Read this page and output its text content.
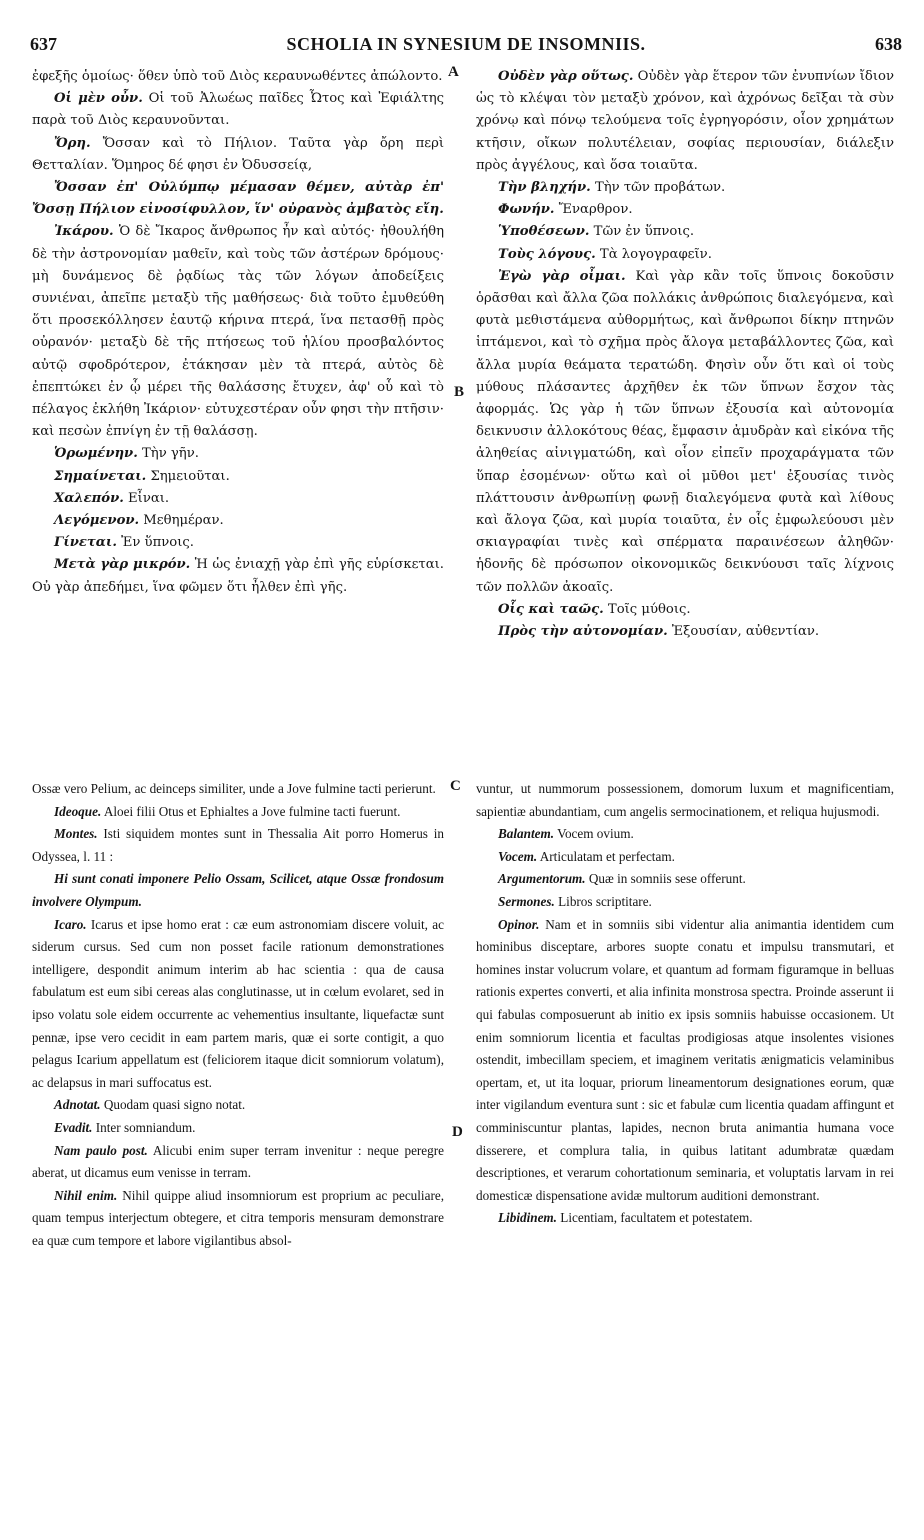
637	SCHOLIA IN SYNESIUM DE INSOMNIIS.	638
A
B
C
D

ἐφεξῆς ὁμοίως· ὅθεν ὑπὸ τοῦ Διὸς κεραυνωθέντες ἀπώλοντο.

Οἱ μὲν οὖν. Οἱ τοῦ Ἀλωέως παῖδες Ὦτος καὶ Ἐφιάλτης παρὰ τοῦ Διὸς κεραυνοῦνται.

Ὄρη. Ὄσσαν καὶ τὸ Πήλιον. Ταῦτα γὰρ ὄρη περὶ Θετταλίαν. Ὅμηρος δέ φησι ἐν Ὀδυσσείᾳ,

Ὄσσαν ἐπ' Οὐλύμπῳ μέμασαν θέμεν, αὐτὰρ ἐπ' Ὄσσῃ Πήλιον εἰνοσίφυλλον, ἵν' οὐρανὸς ἀμβατὸς εἴη.

Ἰκάρου. Ὁ δὲ Ἴκαρος ἄνθρωπος ἦν καὶ αὐτός· ἠθουλήθη δὲ τὴν ἀστρονομίαν μαθεῖν, καὶ τοὺς τῶν ἀστέρων δρόμους· μὴ δυνάμενος δὲ ῥᾳδίως τὰς τῶν λόγων ἀποδείξεις συνιέναι, ἀπεῖπε μεταξὺ τῆς μαθήσεως· διὰ τοῦτο ἐμυθεύθη ὅτι προσεκόλλησεν ἑαυτῷ κήρινα πτερά, ἵνα πετασθῇ πρὸς οὐρανόν· μεταξὺ δὲ τῆς πτήσεως τοῦ ἡλίου προσβαλόντος αὐτῷ σφοδρότερον, ἐτάκησαν μὲν τὰ πτερά, αὐτὸς δὲ ἐπεπτώκει ἐν ᾧ μέρει τῆς θαλάσσης ἔτυχεν, ἀφ' οὗ καὶ τὸ πέλαγος ἐκλήθη Ἰκάριον· εὐτυχεστέραν οὖν φησι τὴν πτῆσιν· καὶ πεσὼν ἐπνίγη ἐν τῇ θαλάσσῃ.

Ὁρωμένην. Τὴν γῆν.

Σημαίνεται. Σημειοῦται.

Χαλεπόν. Εἶναι.

Λεγόμενον. Μεθημέραν.

Γίνεται. Ἐν ὕπνοις.

Μετὰ γὰρ μικρόν. Ἡ ὡς ἐνιαχῇ γὰρ ἐπὶ γῆς εὑρίσκεται. Οὐ γὰρ ἀπεδήμει, ἵνα φῶμεν ὅτι ἦλθεν ἐπὶ γῆς.

Οὐδὲν γὰρ οὕτως. Οὐδὲν γὰρ ἕτερον τῶν ἐνυπνίων ἴδιον ὡς τὸ κλέψαι τὸν μεταξὺ χρόνον, καὶ ἀχρόνως δεῖξαι τὰ σὺν χρόνῳ καὶ πόνῳ τελούμενα τοῖς ἐγρηγορόσιν, οἷον χρημάτων κτῆσιν, οἴκων πολυτέλειαν, σοφίας περιουσίαν, διάλεξιν πρὸς ἀγγέλους, καὶ ὅσα τοιαῦτα.

Τὴν βληχήν. Τὴν τῶν προβάτων.

Φωνήν. Ἔναρθρον.

Ὑποθέσεων. Τῶν ἐν ὕπνοις.

Τοὺς λόγους. Τὰ λογογραφεῖν.

Ἐγὼ γὰρ οἶμαι. Καὶ γὰρ κἂν τοῖς ὕπνοις δοκοῦσιν ὁρᾶσθαι καὶ ἄλλα ζῶα πολλάκις ἀνθρώποις διαλεγόμενα, καὶ φυτὰ μεθιστάμενα αὐθορμήτως, καὶ ἄνθρωποι δίκην πτηνῶν ἱπτάμενοι, καὶ τὸ σχῆμα πρὸς ἄλογα μεταβάλλοντες ζῶα, καὶ ἄλλα μυρία θεάματα τερατώδη. Φησὶν οὖν ὅτι καὶ οἱ τοὺς μύθους πλάσαντες ἀρχῆθεν ἐκ τῶν ὕπνων ἔσχον τὰς ἀφορμάς. Ὡς γὰρ ἡ τῶν ὕπνων ἐξουσία καὶ αὐτονομία δεικνυσιν ἀλλοκότους θέας, ἔμφασιν ἀμυδρὰν καὶ εἰκόνα τῆς ἀληθείας αἰνιγματώδη, καὶ οἷον εἰπεῖν προχαράγματα τῶν ὕπαρ ἐσομένων· οὕτω καὶ οἱ μῦθοι μετ' ἐξουσίας τινὸς πλάττουσιν ἀνθρωπίνῃ φωνῇ διαλεγόμενα φυτὰ καὶ λίθους καὶ ἄλογα ζῶα, καὶ μυρία τοιαῦτα, ἐν οἷς ἐμφωλεύουσι μὲν σκιαγραφίαι τινὲς καὶ σπέρματα παραινέσεων ἀληθῶν· ἡδονῆς δὲ πρόσωπον οἰκονομικῶς δεικνύουσι ταῖς λίχνοις τῶν πολλῶν ἀκοαῖς.

Οἷς καὶ ταῶς. Τοῖς μύθοις.

Πρὸς τὴν αὐτονομίαν. Ἐξουσίαν, αὐθεντίαν.

Ossæ vero Pelium, ac deinceps similiter, unde a Jove fulmine tacti perierunt.

Ideoque. Aloei filii Otus et Ephialtes a Jove fulmine tacti fuerunt.

Montes. Isti siquidem montes sunt in Thessalia Ait porro Homerus in Odyssea, l. 11 :

Hi sunt conati imponere Pelio Ossam, Scilicet, atque Ossæ frondosum involvere Olympum.

Icaro. Icarus et ipse homo erat : cæ eum astronomiam discere voluit, ac siderum cursus. Sed cum non posset facile rationum demonstrationes intelligere, despondit animum interim ab hac scientia : qua de causa fabulatum est eum sibi cereas alas conglutinasse, ut in cœlum evolaret, sed in ipso volatu sole eidem occurrente ac vehementius insultante, liquefactæ sunt pennæ, ipse vero cecidit in eam partem maris, quæ ei sorte contigit, a quo pelagus Icarium appellatum est (feliciorem itaque dicit somniorum volatum), ac delapsus in mari suffocatus est.

Adnotat. Quodam quasi signo notat.

Evadit. Inter somniandum.

Nam paulo post. Alicubi enim super terram invenitur : neque peregre aberat, ut dicamus eum venisse in terram.

Nihil enim. Nihil quippe aliud insomniorum est proprium ac peculiare, quam tempus interjectum obtegere, et citra temporis mensuram demonstrare ea quæ cum tempore et labore vigilantibus absol-

vuntur, ut nummorum possessionem, domorum luxum et magnificentiam, sapientiæ abundantiam, cum angelis sermocinationem, et reliqua hujusmodi.

Balantem. Vocem ovium.

Vocem. Articulatam et perfectam.

Argumentorum. Quæ in somniis sese offerunt.

Sermones. Libros scriptitare.

Opinor. Nam et in somniis sibi videntur alia animantia identidem cum hominibus disceptare, arbores suopte conatu et impulsu transmutari, et homines instar volucrum volare, et quantum ad formam figuramque in belluas rationis expertes converti, et alia infinita monstrosa spectra. Proinde asserunt ii qui fabulas composuerunt ab initio ex ipsis somniis habuisse occasionem. Ut enim somniorum licentia et facultas prodigiosas atque insolentes visiones ostendit, imbecillam speciem, et imaginem veritatis ænigmaticis velaminibus opertam, et, ut ita loquar, priorum lineamentorum designationes eorum, quæ inter vigilandum eventura sunt : sic et fabulæ cum licentia quadam affingunt et comminiscuntur plantas, lapides, necnon bruta animantia humana voce disserere, et complura talia, in quibus latitant adumbratæ quædam descriptiones, et verarum cohortationum seminaria, et voluptatis larvam in rei domesticæ dispensatione avidæ multorum auditioni demonstrant.

Libidinem. Licentiam, facultatem et potestatem.
